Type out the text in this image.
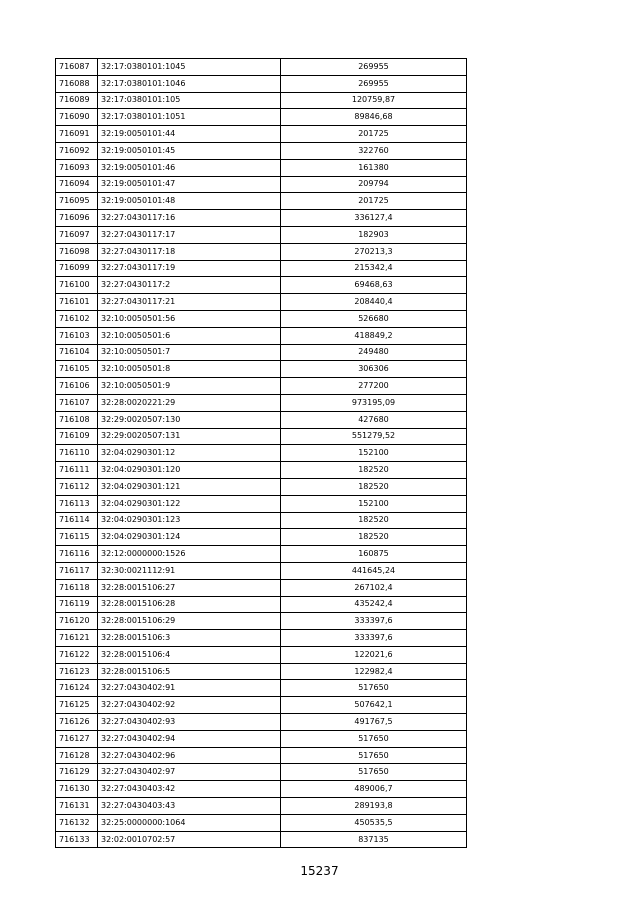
716087	32:17:0380101:1045	269955
716088	32:17:0380101:1046	269955
716089	32:17:0380101:105	120759,87
716090	32:17:0380101:1051	89846,68
716091	32:19:0050101:44	201725
716092	32:19:0050101:45	322760
716093	32:19:0050101:46	161380
716094	32:19:0050101:47	209794
716095	32:19:0050101:48	201725
716096	32:27:0430117:16	336127,4
716097	32:27:0430117:17	182903
716098	32:27:0430117:18	270213,3
716099	32:27:0430117:19	215342,4
716100	32:27:0430117:2	69468,63
716101	32:27:0430117:21	208440,4
716102	32:10:0050501:56	526680
716103	32:10:0050501:6	418849,2
716104	32:10:0050501:7	249480
716105	32:10:0050501:8	306306
716106	32:10:0050501:9	277200
716107	32:28:0020221:29	973195,09
716108	32:29:0020507:130	427680
716109	32:29:0020507:131	551279,52
716110	32:04:0290301:12	152100
716111	32:04:0290301:120	182520
716112	32:04:0290301:121	182520
716113	32:04:0290301:122	152100
716114	32:04:0290301:123	182520
716115	32:04:0290301:124	182520
716116	32:12:0000000:1526	160875
716117	32:30:0021112:91	441645,24
716118	32:28:0015106:27	267102,4
716119	32:28:0015106:28	435242,4
716120	32:28:0015106:29	333397,6
716121	32:28:0015106:3	333397,6
716122	32:28:0015106:4	122021,6
716123	32:28:0015106:5	122982,4
716124	32:27:0430402:91	517650
716125	32:27:0430402:92	507642,1
716126	32:27:0430402:93	491767,5
716127	32:27:0430402:94	517650
716128	32:27:0430402:96	517650
716129	32:27:0430402:97	517650
716130	32:27:0430403:42	489006,7
716131	32:27:0430403:43	289193,8
716132	32:25:0000000:1064	450535,5
716133	32:02:0010702:57	837135
15237
